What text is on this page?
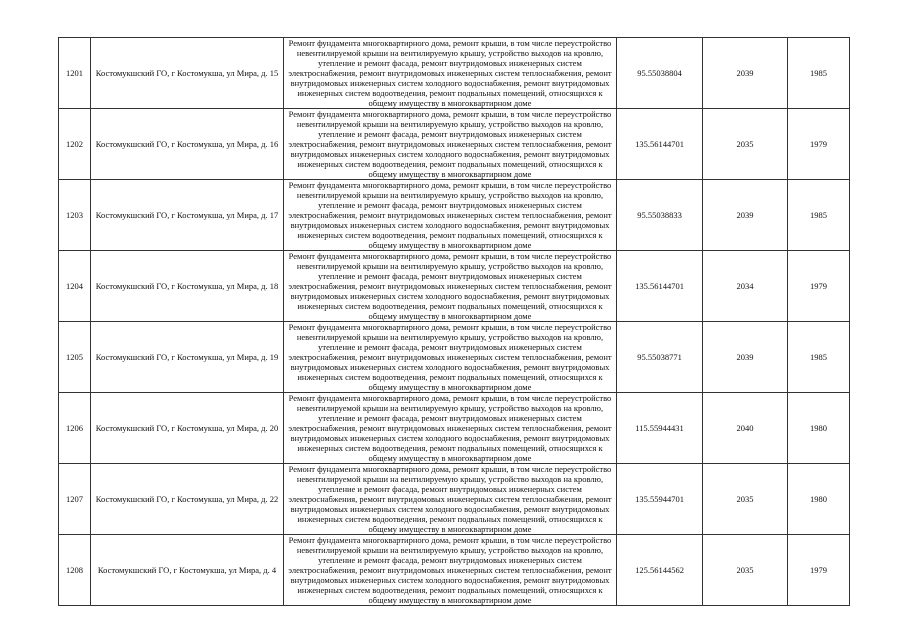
1201	Костомукшский ГО, г Костомукша, ул Мира, д. 15	Ремонт фундамента многоквартирного дома, ремонт крыши, в том числе переустройство невентилируемой крыши на вентилируемую крышу, устройство выходов на кровлю, утепление и ремонт фасада, ремонт внутридомовых инженерных систем электроснабжения, ремонт внутридомовых инженерных систем теплоснабжения, ремонт внутридомовых инженерных систем холодного водоснабжения, ремонт внутридомовых инженерных систем водоотведения, ремонт подвальных помещений, относящихся к общему имуществу в многоквартирном доме	95.55038804	2039	1985
1202	Костомукшский ГО, г Костомукша, ул Мира, д. 16	Ремонт фундамента многоквартирного дома, ремонт крыши, в том числе переустройство невентилируемой крыши на вентилируемую крышу, устройство выходов на кровлю, утепление и ремонт фасада, ремонт внутридомовых инженерных систем электроснабжения, ремонт внутридомовых инженерных систем теплоснабжения, ремонт внутридомовых инженерных систем холодного водоснабжения, ремонт внутридомовых инженерных систем водоотведения, ремонт подвальных помещений, относящихся к общему имуществу в многоквартирном доме	135.56144701	2035	1979
1203	Костомукшский ГО, г Костомукша, ул Мира, д. 17	Ремонт фундамента многоквартирного дома, ремонт крыши, в том числе переустройство невентилируемой крыши на вентилируемую крышу, устройство выходов на кровлю, утепление и ремонт фасада, ремонт внутридомовых инженерных систем электроснабжения, ремонт внутридомовых инженерных систем теплоснабжения, ремонт внутридомовых инженерных систем холодного водоснабжения, ремонт внутридомовых инженерных систем водоотведения, ремонт подвальных помещений, относящихся к общему имуществу в многоквартирном доме	95.55038833	2039	1985
1204	Костомукшский ГО, г Костомукша, ул Мира, д. 18	Ремонт фундамента многоквартирного дома, ремонт крыши, в том числе переустройство невентилируемой крыши на вентилируемую крышу, устройство выходов на кровлю, утепление и ремонт фасада, ремонт внутридомовых инженерных систем электроснабжения, ремонт внутридомовых инженерных систем теплоснабжения, ремонт внутридомовых инженерных систем холодного водоснабжения, ремонт внутридомовых инженерных систем водоотведения, ремонт подвальных помещений, относящихся к общему имуществу в многоквартирном доме	135.56144701	2034	1979
1205	Костомукшский ГО, г Костомукша, ул Мира, д. 19	Ремонт фундамента многоквартирного дома, ремонт крыши, в том числе переустройство невентилируемой крыши на вентилируемую крышу, устройство выходов на кровлю, утепление и ремонт фасада, ремонт внутридомовых инженерных систем электроснабжения, ремонт внутридомовых инженерных систем теплоснабжения, ремонт внутридомовых инженерных систем холодного водоснабжения, ремонт внутридомовых инженерных систем водоотведения, ремонт подвальных помещений, относящихся к общему имуществу в многоквартирном доме	95.55038771	2039	1985
1206	Костомукшский ГО, г Костомукша, ул Мира, д. 20	Ремонт фундамента многоквартирного дома, ремонт крыши, в том числе переустройство невентилируемой крыши на вентилируемую крышу, устройство выходов на кровлю, утепление и ремонт фасада, ремонт внутридомовых инженерных систем электроснабжения, ремонт внутридомовых инженерных систем теплоснабжения, ремонт внутридомовых инженерных систем холодного водоснабжения, ремонт внутридомовых инженерных систем водоотведения, ремонт подвальных помещений, относящихся к общему имуществу в многоквартирном доме	115.55944431	2040	1980
1207	Костомукшский ГО, г Костомукша, ул Мира, д. 22	Ремонт фундамента многоквартирного дома, ремонт крыши, в том числе переустройство невентилируемой крыши на вентилируемую крышу, устройство выходов на кровлю, утепление и ремонт фасада, ремонт внутридомовых инженерных систем электроснабжения, ремонт внутридомовых инженерных систем теплоснабжения, ремонт внутридомовых инженерных систем холодного водоснабжения, ремонт внутридомовых инженерных систем водоотведения, ремонт подвальных помещений, относящихся к общему имуществу в многоквартирном доме	135.55944701	2035	1980
1208	Костомукшский ГО, г Костомукша, ул Мира, д. 4	Ремонт фундамента многоквартирного дома, ремонт крыши, в том числе переустройство невентилируемой крыши на вентилируемую крышу, устройство выходов на кровлю, утепление и ремонт фасада, ремонт внутридомовых инженерных систем электроснабжения, ремонт внутридомовых инженерных систем теплоснабжения, ремонт внутридомовых инженерных систем холодного водоснабжения, ремонт внутридомовых инженерных систем водоотведения, ремонт подвальных помещений, относящихся к общему имуществу в многоквартирном доме	125.56144562	2035	1979
